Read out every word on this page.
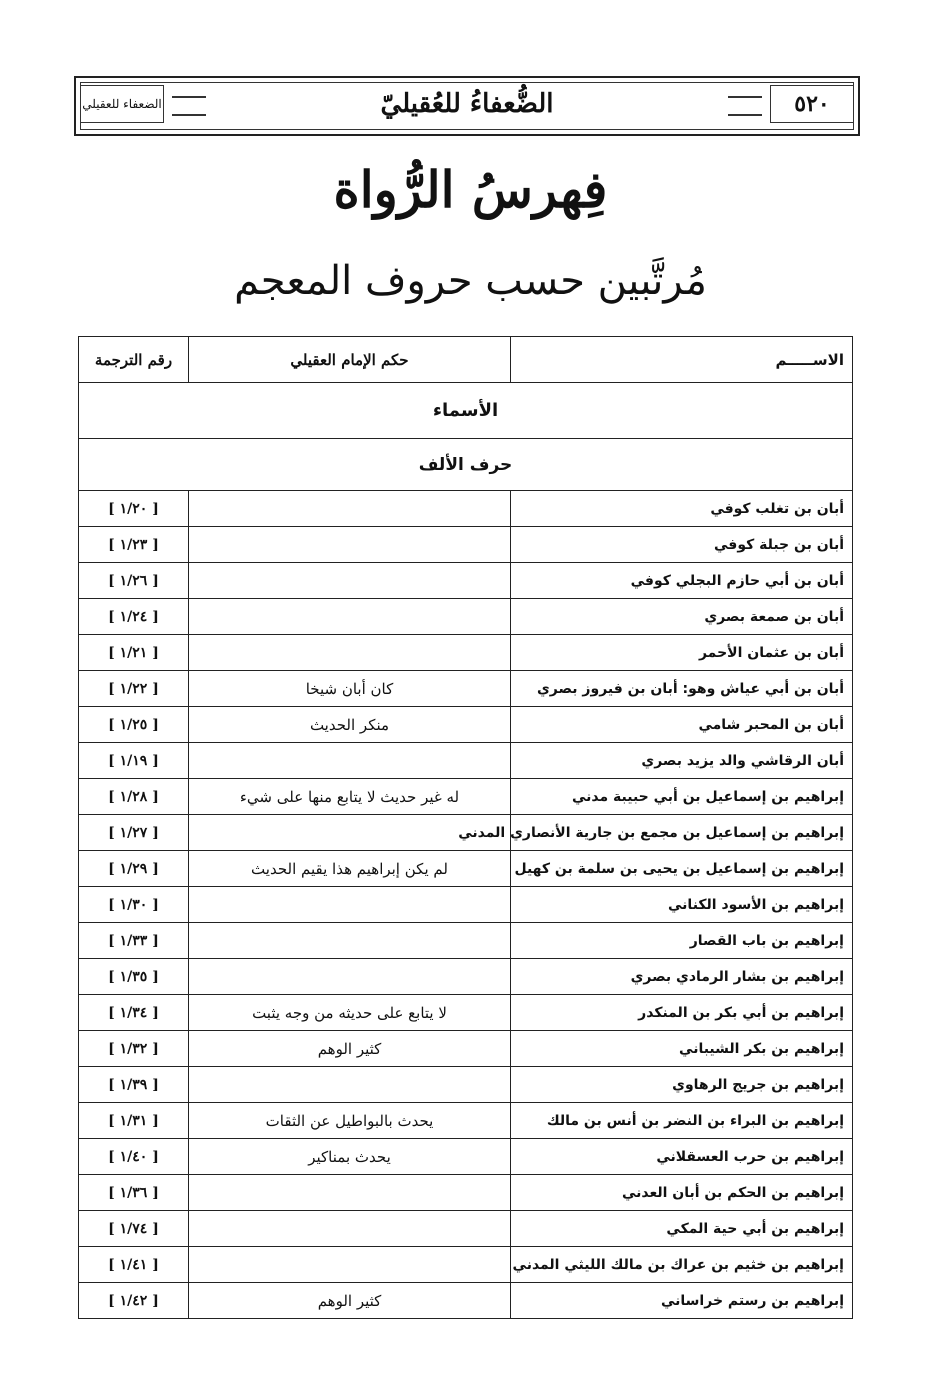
الضعفاء للعقيلي	الضُّعفاءُ للعُقيليّ	٥٢٠
فِهرسُ الرُّواة
مُرتَّبين حسب حروف المعجم
الاســـــم	حكم الإمام العقيلي	رقم الترجمة
الأسماء		
حرف الألف		
أبان بن تغلب كوفي		[ ١/٢٠ ]
أبان بن جبلة كوفي		[ ١/٢٣ ]
أبان بن أبي حازم البجلي كوفي		[ ١/٢٦ ]
أبان بن صمعة بصري		[ ١/٢٤ ]
أبان بن عثمان الأحمر		[ ١/٢١ ]
أبان بن أبي عياش وهو: أبان بن فيروز بصري	كان أبان شيخا	[ ١/٢٢ ]
أبان بن المحبر شامي	منكر الحديث	[ ١/٢٥ ]
أبان الرقاشي والد يزيد بصري		[ ١/١٩ ]
إبراهيم بن إسماعيل بن أبي حبيبة مدني	له غير حديث لا يتابع منها على شيء	[ ١/٢٨ ]
إبراهيم بن إسماعيل بن مجمع بن جارية الأنصاري المدني		[ ١/٢٧ ]
إبراهيم بن إسماعيل بن يحيى بن سلمة بن كهيل	لم يكن إبراهيم هذا يقيم الحديث	[ ١/٢٩ ]
إبراهيم بن الأسود الكناني		[ ١/٣٠ ]
إبراهيم بن باب القصار		[ ١/٣٣ ]
إبراهيم بن بشار الرمادي بصري		[ ١/٣٥ ]
إبراهيم بن أبي بكر بن المنكدر	لا يتابع على حديثه من وجه يثبت	[ ١/٣٤ ]
إبراهيم بن بكر الشيباني	كثير الوهم	[ ١/٣٢ ]
إبراهيم بن جريج الرهاوي		[ ١/٣٩ ]
إبراهيم بن البراء بن النضر بن أنس بن مالك	يحدث بالبواطيل عن الثقات	[ ١/٣١ ]
إبراهيم بن حرب العسقلاني	يحدث بمناكير	[ ١/٤٠ ]
إبراهيم بن الحكم بن أبان العدني		[ ١/٣٦ ]
إبراهيم بن أبي حية المكي		[ ١/٧٤ ]
إبراهيم بن خثيم بن عراك بن مالك الليثي المدني		[ ١/٤١ ]
إبراهيم بن رستم خراساني	كثير الوهم	[ ١/٤٢ ]
